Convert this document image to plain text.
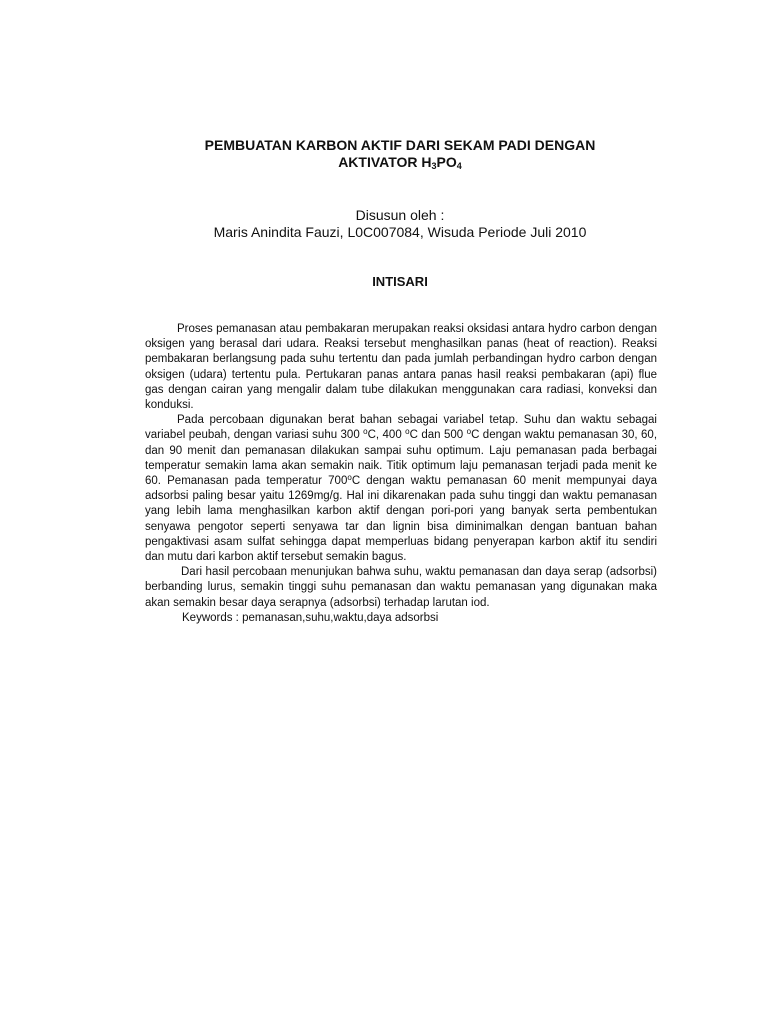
PEMBUATAN KARBON AKTIF DARI SEKAM PADI DENGAN
AKTIVATOR $H_3PO_4$
Disusun oleh :
Maris Anindita Fauzi, L0C007084, Wisuda Periode Juli 2010
INTISARI

Proses pemanasan atau pembakaran merupakan reaksi oksidasi antara hydro carbon dengan oksigen yang berasal dari udara. Reaksi tersebut menghasilkan panas (heat of reaction). Reaksi pembakaran berlangsung pada suhu tertentu dan pada jumlah perbandingan hydro carbon dengan oksigen (udara) tertentu pula. Pertukaran panas antara panas hasil reaksi pembakaran (api) flue gas dengan cairan yang mengalir dalam tube dilakukan menggunakan cara radiasi, konveksi dan konduksi.

Pada percobaan digunakan berat bahan sebagai variabel tetap. Suhu dan waktu sebagai variabel peubah, dengan variasi suhu 300 $^o$C, 400 $^o$C dan 500 $^o$C dengan waktu pemanasan 30, 60, dan 90 menit dan pemanasan dilakukan sampai suhu optimum. Laju pemanasan pada berbagai temperatur semakin lama akan semakin naik. Titik optimum laju pemanasan terjadi pada menit ke 60. Pemanasan pada temperatur 700$^o$C dengan waktu pemanasan 60 menit mempunyai daya adsorbsi paling besar yaitu 1269mg/g. Hal ini dikarenakan pada suhu tinggi dan waktu pemanasan yang lebih lama menghasilkan karbon aktif dengan pori-pori yang banyak serta pembentukan senyawa pengotor seperti senyawa tar dan lignin bisa diminimalkan dengan bantuan bahan pengaktivasi asam sulfat sehingga dapat memperluas bidang penyerapan karbon aktif itu sendiri dan mutu dari karbon aktif tersebut semakin bagus.

Dari hasil percobaan menunjukan bahwa suhu, waktu pemanasan dan daya serap (adsorbsi) berbanding lurus, semakin tinggi suhu pemanasan dan waktu pemanasan yang digunakan maka akan semakin besar daya serapnya (adsorbsi) terhadap larutan iod.

Keywords : pemanasan,suhu,waktu,daya adsorbsi
